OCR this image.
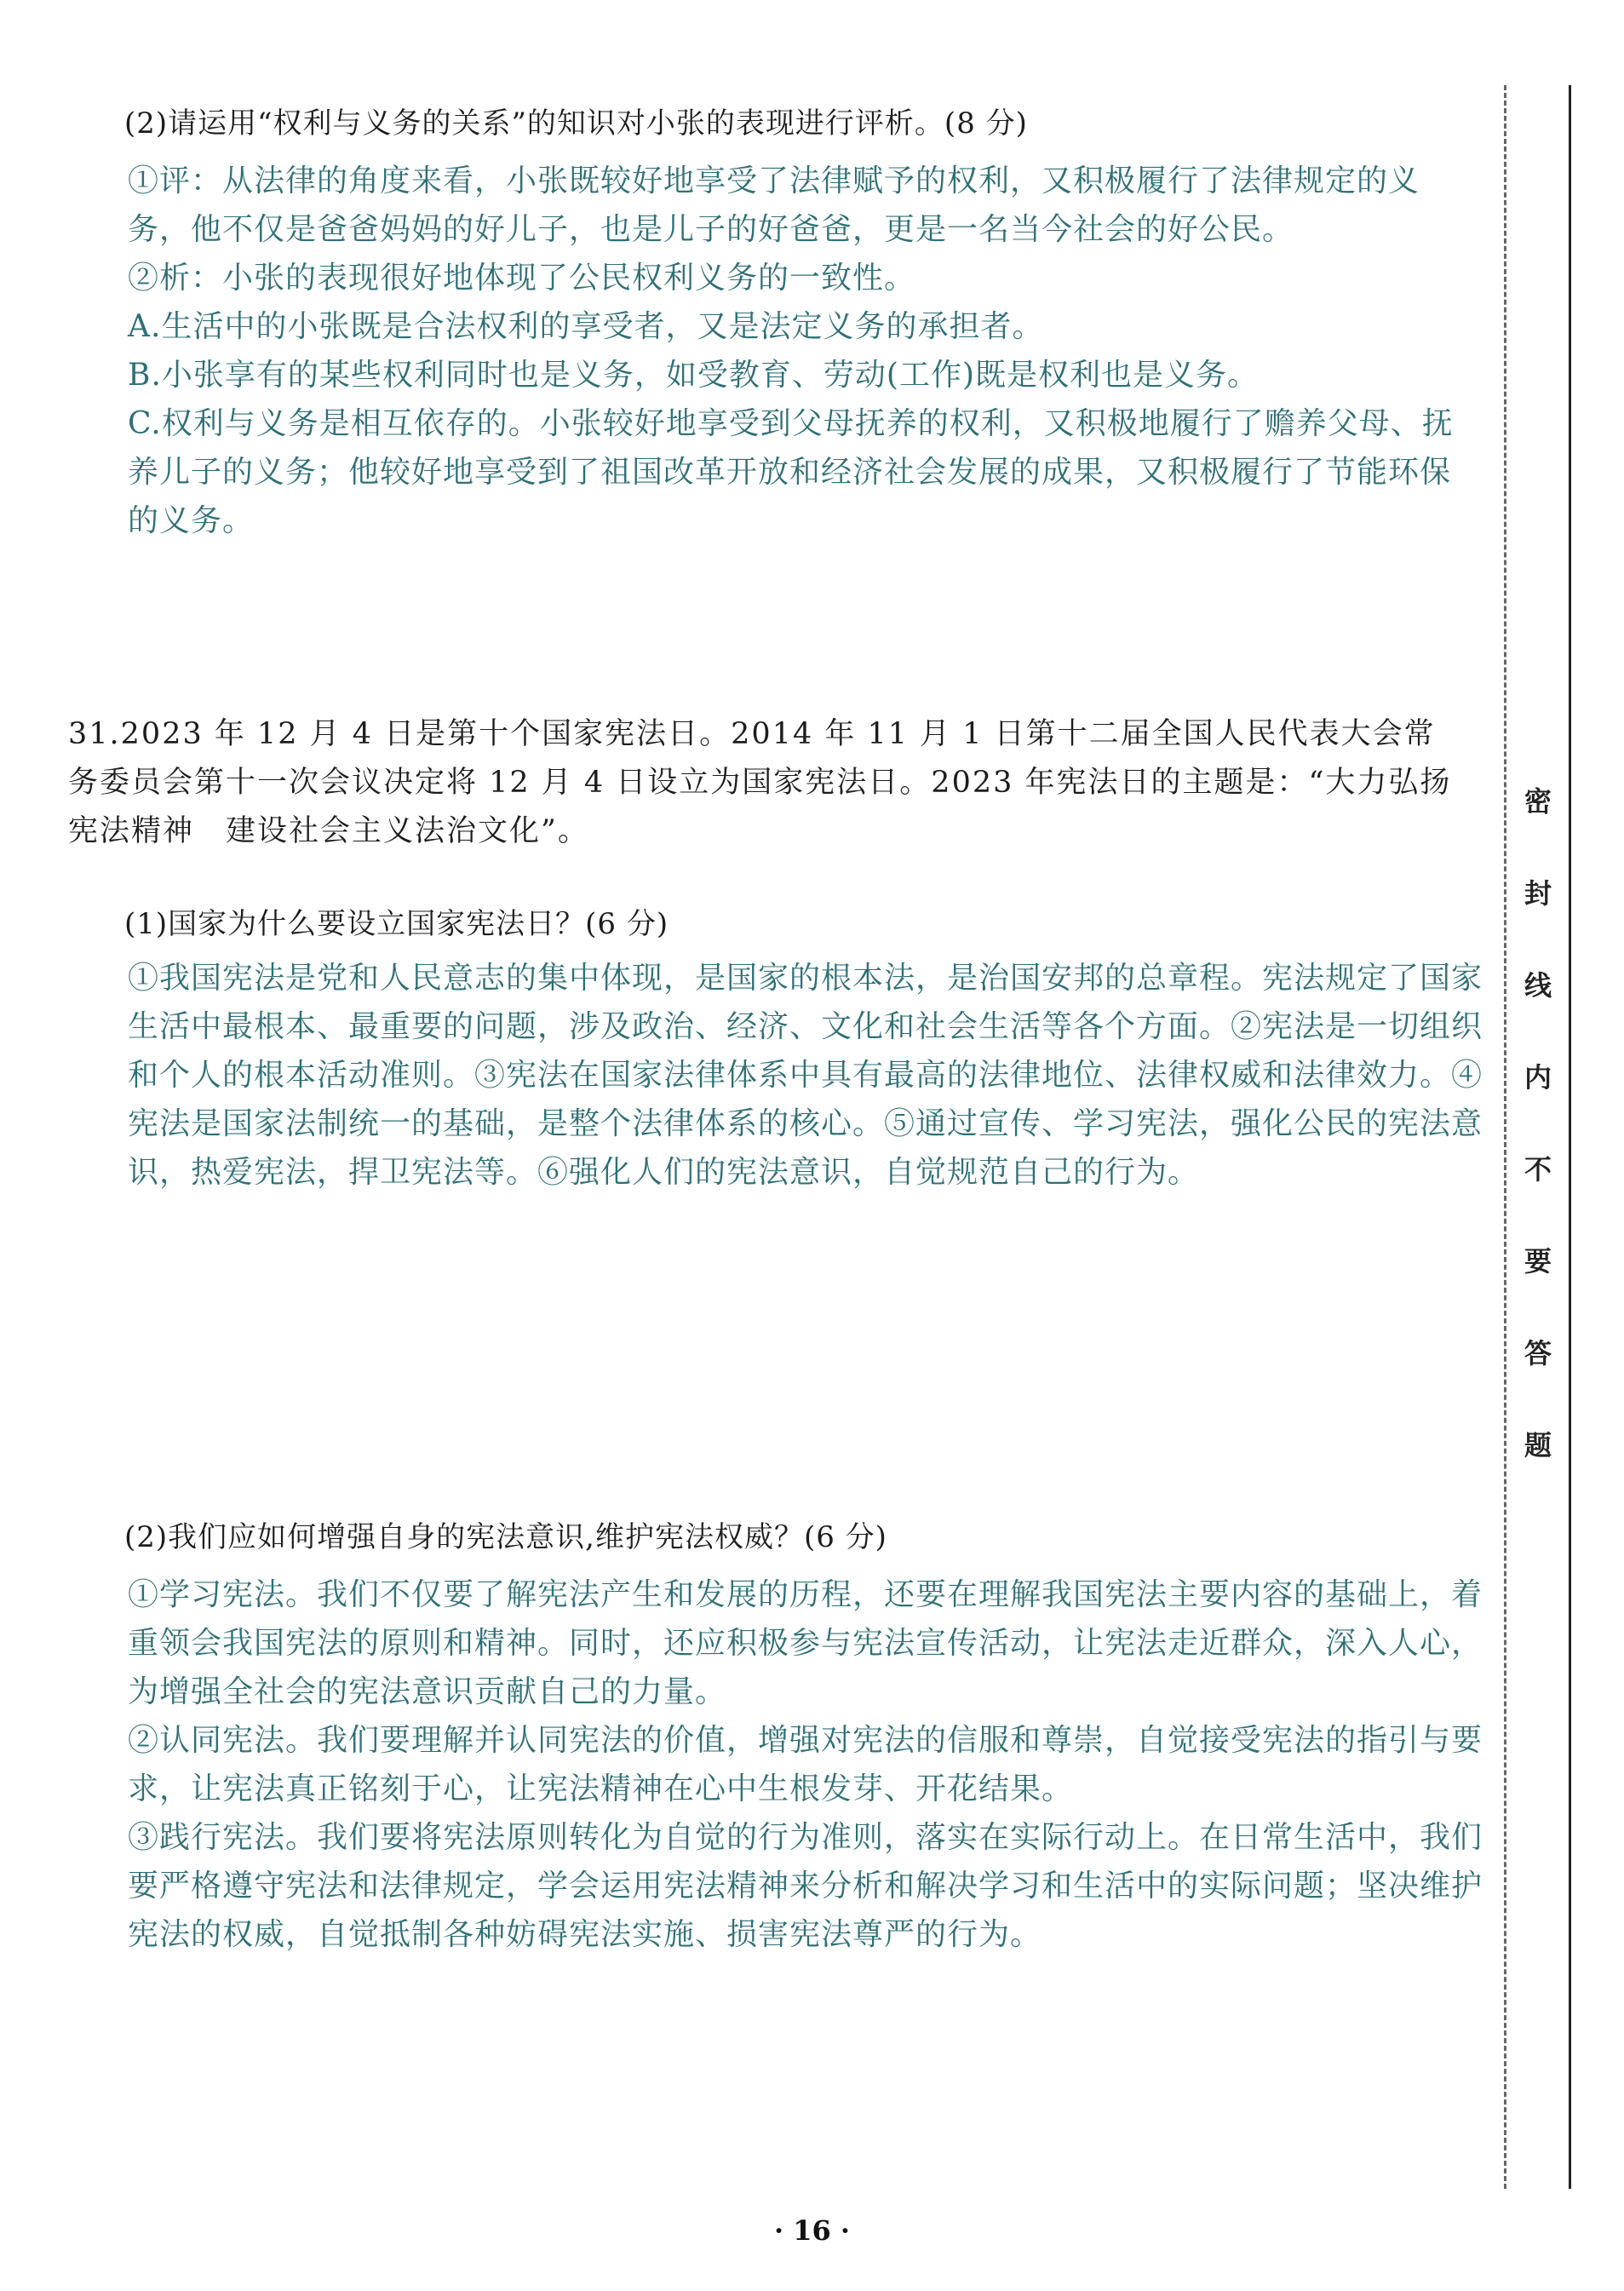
(2)请运用“权利与义务的关系”的知识对小张的表现进行评析。(8 分)

①评：从法律的角度来看，小张既较好地享受了法律赋予的权利，又积极履行了法律规定的义务，他不仅是爸爸妈妈的好儿子，也是儿子的好爸爸，更是一名当今社会的好公民。

②析：小张的表现很好地体现了公民权利义务的一致性。

A.生活中的小张既是合法权利的享受者，又是法定义务的承担者。

B.小张享有的某些权利同时也是义务，如受教育、劳动(工作)既是权利也是义务。

C.权利与义务是相互依存的。小张较好地享受到父母抚养的权利，又积极地履行了赡养父母、抚养儿子的义务；他较好地享受到了祖国改革开放和经济社会发展的成果，又积极履行了节能环保的义务。

31.2023 年 12 月 4 日是第十个国家宪法日。2014 年 11 月 1 日第十二届全国人民代表大会常务委员会第十一次会议决定将 12 月 4 日设立为国家宪法日。2023 年宪法日的主题是：“大力弘扬宪法精神　建设社会主义法治文化”。
(1)国家为什么要设立国家宪法日？(6 分)
①我国宪法是党和人民意志的集中体现，是国家的根本法，是治国安邦的总章程。宪法规定了国家生活中最根本、最重要的问题，涉及政治、经济、文化和社会生活等各个方面。②宪法是一切组织和个人的根本活动准则。③宪法在国家法律体系中具有最高的法律地位、法律权威和法律效力。④宪法是国家法制统一的基础，是整个法律体系的核心。⑤通过宣传、学习宪法，强化公民的宪法意识，热爱宪法，捍卫宪法等。⑥强化人们的宪法意识，自觉规范自己的行为。
(2)我们应如何增强自身的宪法意识,维护宪法权威？(6 分)

①学习宪法。我们不仅要了解宪法产生和发展的历程，还要在理解我国宪法主要内容的基础上，着重领会我国宪法的原则和精神。同时，还应积极参与宪法宣传活动，让宪法走近群众，深入人心，为增强全社会的宪法意识贡献自己的力量。

②认同宪法。我们要理解并认同宪法的价值，增强对宪法的信服和尊崇，自觉接受宪法的指引与要求，让宪法真正铭刻于心，让宪法精神在心中生根发芽、开花结果。

③践行宪法。我们要将宪法原则转化为自觉的行为准则，落实在实际行动上。在日常生活中，我们要严格遵守宪法和法律规定，学会运用宪法精神来分析和解决学习和生活中的实际问题；坚决维护宪法的权威，自觉抵制各种妨碍宪法实施、损害宪法尊严的行为。

密
封
线
内
不
要
答
题
· 16 ·
